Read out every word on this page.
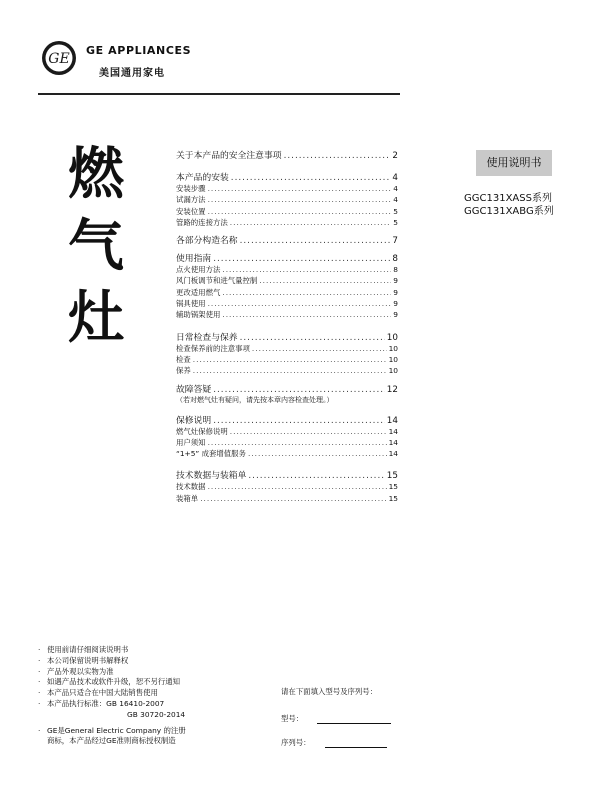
GE
GE APPLIANCES
美国通用家电
燃
气
灶
使用说明书
GGC131XASS系列
GGC131XABG系列
关于本产品的安全注意事项 .....	2
本产品的安装 .....	4
安装步骤 .....	4
试漏方法 .....	4
安装位置 .....	5
管路的连接方法 .....	5
各部分构造名称 .....	7
使用指南 .....	8
点火使用方法 .....	8
风门板调节和进气量控制 .....	9
更改适用燃气 .....	9
锅具使用 .....	9
辅助锅架使用 .....	9
日常检查与保养 .....	10
检查保养前的注意事项 .....	10
检查 .....	10
保养 .....	10
故障答疑 .....	12
（若对燃气灶有疑问，请先按本章内容检查处理。）
保修说明 .....	14
燃气灶保修说明 .....	14
用户须知 .....	14
“1+5” 成套增值服务 .....	14
技术数据与装箱单 .....	15
技术数据 .....	15
装箱单 .....	15
· 使用前请仔细阅读说明书
· 本公司保留说明书解释权
· 产品外观以实物为准
· 如遇产品技术或软件升级，恕不另行通知
· 本产品只适合在中国大陆销售使用
· 本产品执行标准：GB 16410-2007
GB 30720-2014
· GE是General Electric Company 的注册
商标，本产品经过GE准则商标授权制造
请在下面填入型号及序列号：
型号：
序列号：
